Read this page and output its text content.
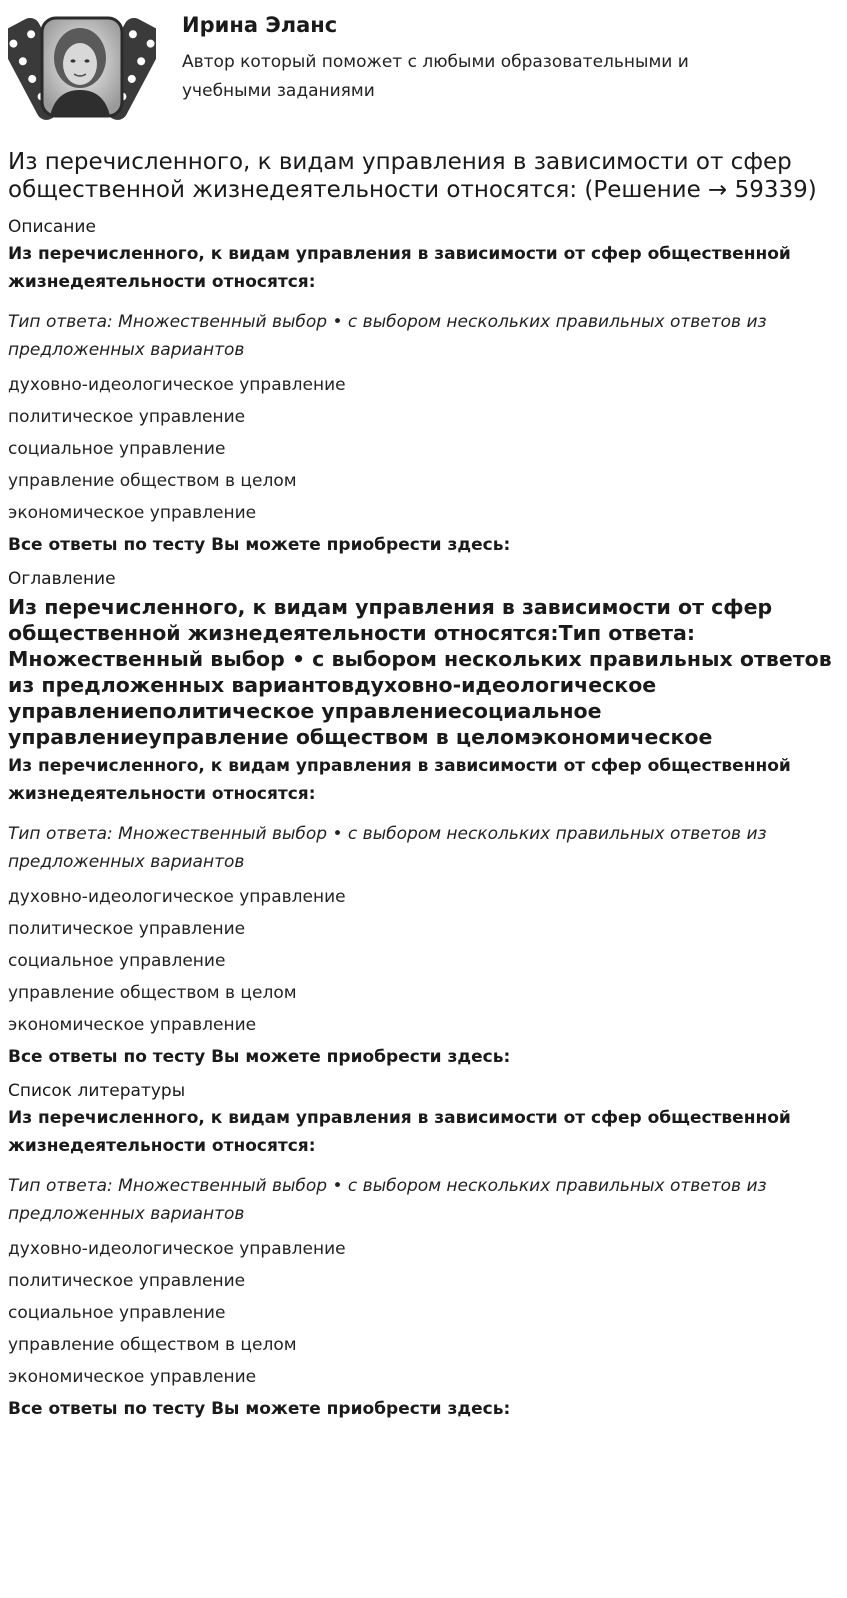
Ирина Эланс
Автор который поможет с любыми образовательными и учебными заданиями
Из перечисленного, к видам управления в зависимости от сфер общественной жизнедеятельности относятся: (Решение → 59339)
Описание

Из перечисленного, к видам управления в зависимости от сфер общественной жизнедеятельности относятся:

Тип ответа: Множественный выбор • с выбором нескольких правильных ответов из предложенных вариантов

духовно-идеологическое управление

политическое управление

социальное управление

управление обществом в целом

экономическое управление

Все ответы по тесту Вы можете приобрести здесь:

Оглавление
Из перечисленного, к видам управления в зависимости от сфер общественной жизнедеятельности относятся:Тип ответа: Множественный выбор • с выбором нескольких правильных ответов из предложенных вариантовдуховно-идеологическое управлениеполитическое управлениесоциальное управлениеуправление обществом в целомэкономическое

Из перечисленного, к видам управления в зависимости от сфер общественной жизнедеятельности относятся:

Тип ответа: Множественный выбор • с выбором нескольких правильных ответов из предложенных вариантов

духовно-идеологическое управление

политическое управление

социальное управление

управление обществом в целом

экономическое управление

Все ответы по тесту Вы можете приобрести здесь:

Список литературы

Из перечисленного, к видам управления в зависимости от сфер общественной жизнедеятельности относятся:

Тип ответа: Множественный выбор • с выбором нескольких правильных ответов из предложенных вариантов

духовно-идеологическое управление

политическое управление

социальное управление

управление обществом в целом

экономическое управление

Все ответы по тесту Вы можете приобрести здесь:
